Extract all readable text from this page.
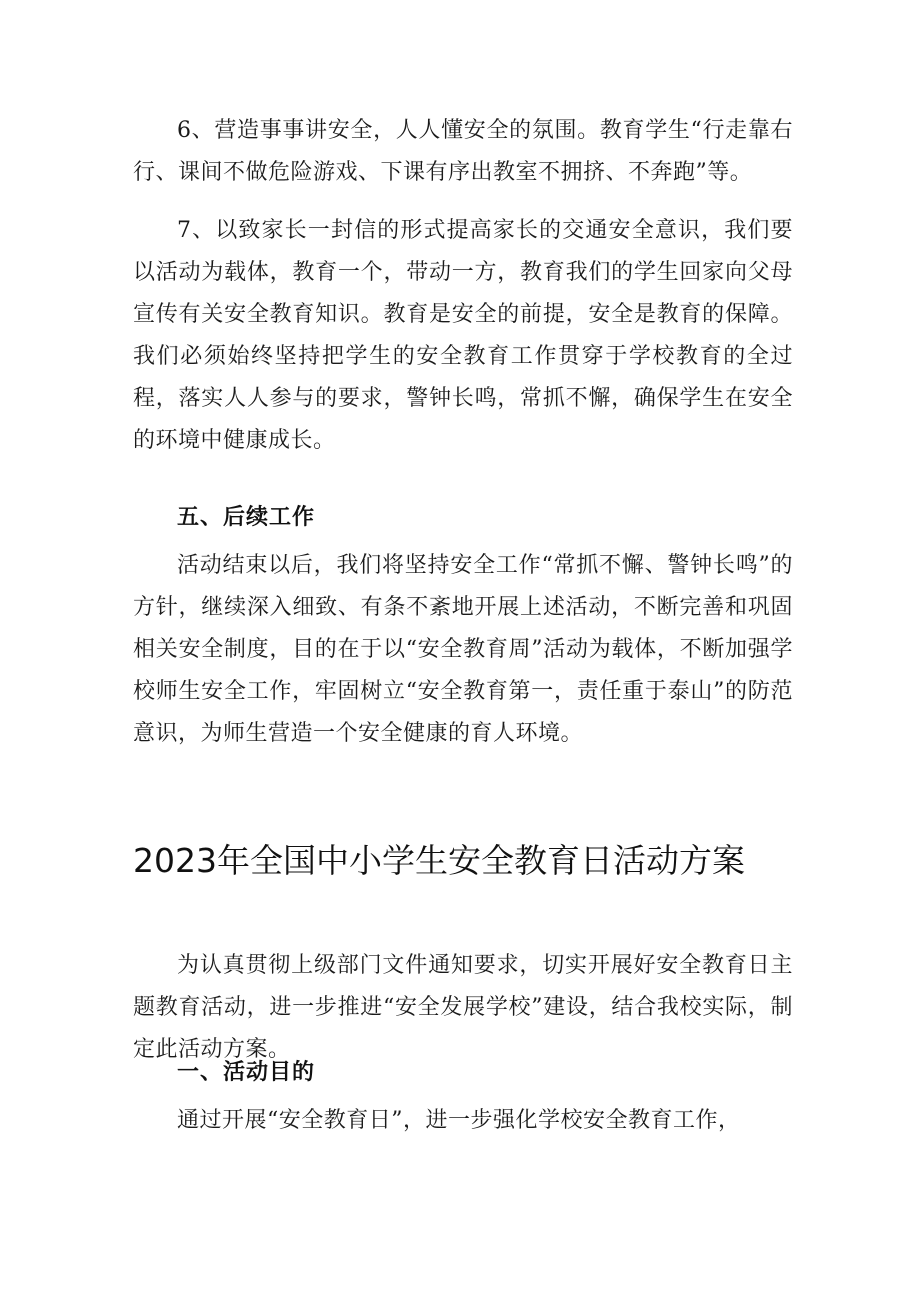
6、营造事事讲安全，人人懂安全的氛围。教育学生“行走靠右行、课间不做危险游戏、下课有序出教室不拥挤、不奔跑”等。

7、以致家长一封信的形式提高家长的交通安全意识，我们要以活动为载体，教育一个，带动一方，教育我们的学生回家向父母宣传有关安全教育知识。教育是安全的前提，安全是教育的保障。我们必须始终坚持把学生的安全教育工作贯穿于学校教育的全过程，落实人人参与的要求，警钟长鸣，常抓不懈，确保学生在安全的环境中健康成长。

五、后续工作

活动结束以后，我们将坚持安全工作“常抓不懈、警钟长鸣”的方针，继续深入细致、有条不紊地开展上述活动，不断完善和巩固相关安全制度，目的在于以“安全教育周”活动为载体，不断加强学校师生安全工作，牢固树立“安全教育第一，责任重于泰山”的防范意识，为师生营造一个安全健康的育人环境。

2023年全国中小学生安全教育日活动方案

为认真贯彻上级部门文件通知要求，切实开展好安全教育日主题教育活动，进一步推进“安全发展学校”建设，结合我校实际，制定此活动方案。

一、活动目的

通过开展“安全教育日”，进一步强化学校安全教育工作，
